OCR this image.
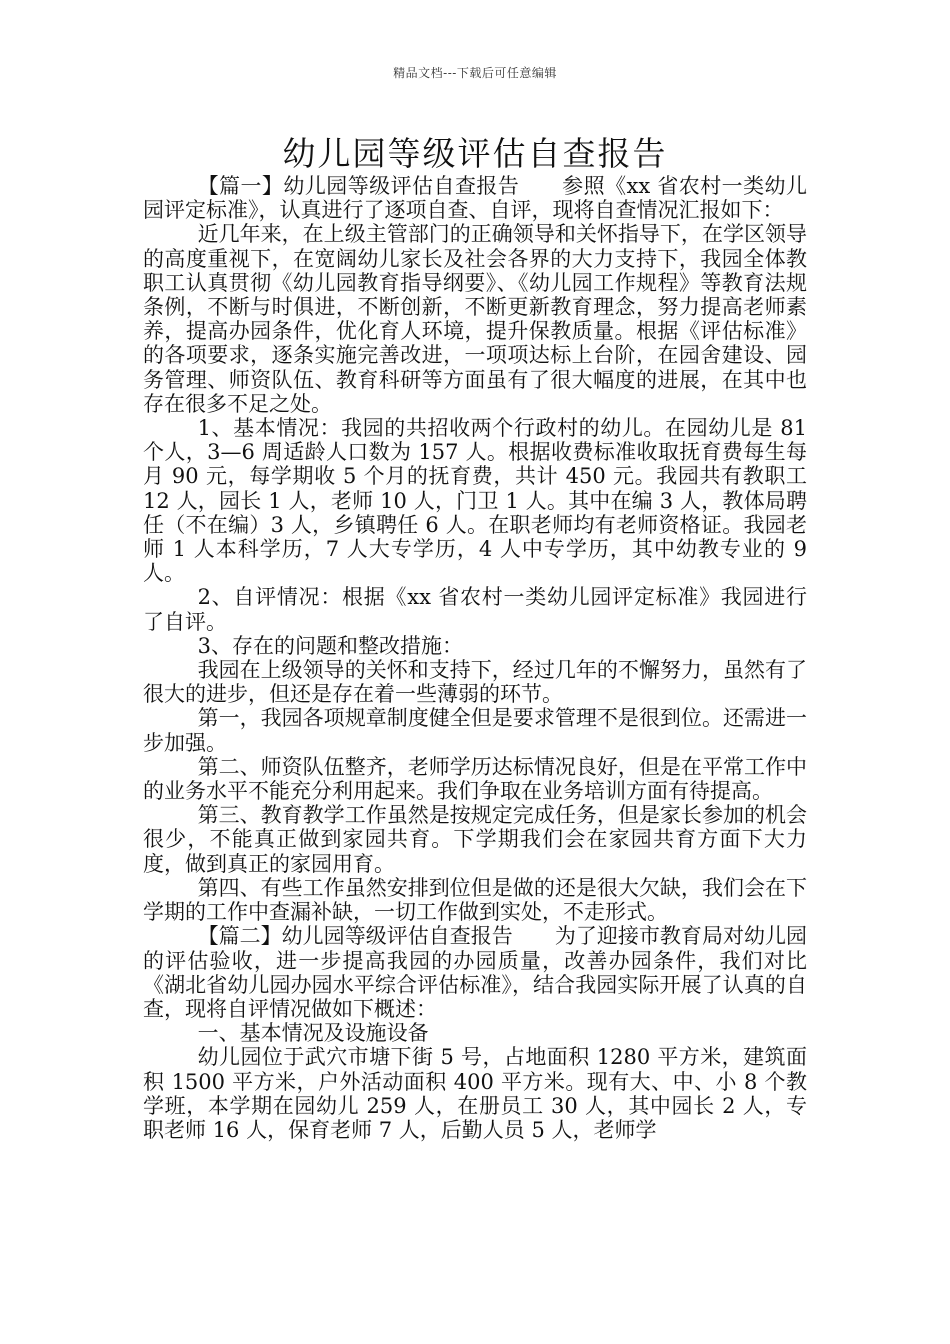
精品文档---下载后可任意编辑
幼儿园等级评估自查报告

【篇一】幼儿园等级评估自查报告　　参照《xx 省农村一类幼儿园评定标准》，认真进行了逐项自查、自评，现将自查情况汇报如下：

近几年来，在上级主管部门的正确领导和关怀指导下，在学区领导的高度重视下，在宽阔幼儿家长及社会各界的大力支持下，我园全体教职工认真贯彻《幼儿园教育指导纲要》、《幼儿园工作规程》等教育法规条例，不断与时俱进，不断创新，不断更新教育理念，努力提高老师素养，提高办园条件，优化育人环境，提升保教质量。根据《评估标准》的各项要求，逐条实施完善改进，一项项达标上台阶，在园舍建设、园务管理、师资队伍、教育科研等方面虽有了很大幅度的进展，在其中也存在很多不足之处。

1、基本情况：我园的共招收两个行政村的幼儿。在园幼儿是 81 个人，3—6 周适龄人口数为 157 人。根据收费标准收取抚育费每生每月 90 元，每学期收 5 个月的抚育费，共计 450 元。我园共有教职工 12 人，园长 1 人，老师 10 人，门卫 1 人。其中在编 3 人，教体局聘任（不在编）3 人，乡镇聘任 6 人。在职老师均有老师资格证。我园老师 1 人本科学历，7 人大专学历，4 人中专学历，其中幼教专业的 9 人。

2、自评情况：根据《xx 省农村一类幼儿园评定标准》我园进行了自评。

3、存在的问题和整改措施：

我园在上级领导的关怀和支持下，经过几年的不懈努力，虽然有了很大的进步，但还是存在着一些薄弱的环节。

第一，我园各项规章制度健全但是要求管理不是很到位。还需进一步加强。

第二、师资队伍整齐，老师学历达标情况良好，但是在平常工作中的业务水平不能充分利用起来。我们争取在业务培训方面有待提高。

第三、教育教学工作虽然是按规定完成任务，但是家长参加的机会很少，不能真正做到家园共育。下学期我们会在家园共育方面下大力度，做到真正的家园用育。

第四、有些工作虽然安排到位但是做的还是很大欠缺，我们会在下学期的工作中查漏补缺，一切工作做到实处，不走形式。

【篇二】幼儿园等级评估自查报告　　为了迎接市教育局对幼儿园的评估验收，进一步提高我园的办园质量，改善办园条件，我们对比《湖北省幼儿园办园水平综合评估标准》，结合我园实际开展了认真的自查，现将自评情况做如下概述：

一、基本情况及设施设备

幼儿园位于武穴市塘下街 5 号，占地面积 1280 平方米，建筑面积 1500 平方米，户外活动面积 400 平方米。现有大、中、小 8 个教学班，本学期在园幼儿 259 人，在册员工 30 人，其中园长 2 人，专职老师 16 人，保育老师 7 人，后勤人员 5 人，老师学
